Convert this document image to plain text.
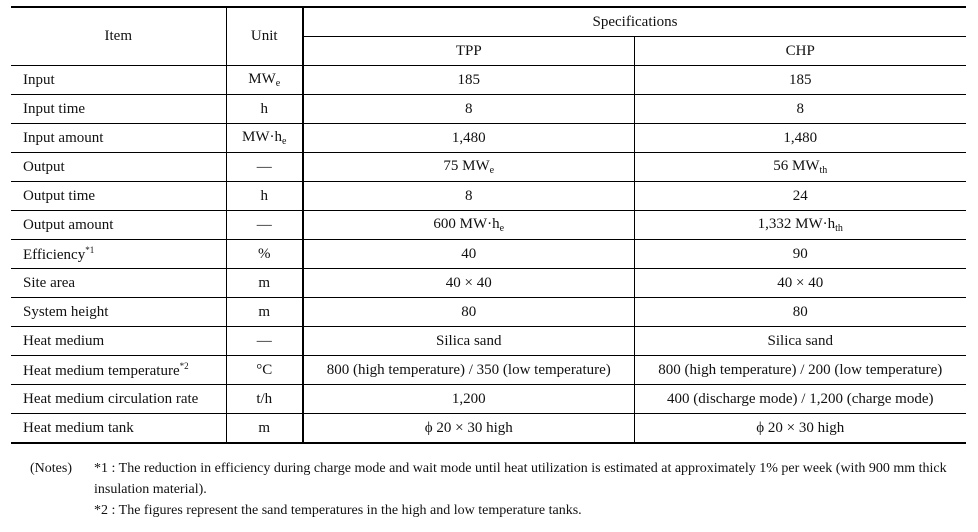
Item	Unit	Specifications	
		TPP	CHP
Input	$MW_e$	185	185
Input time	h	8	8
Input amount	$MW\cdot h_e$	1,480	1,480
Output	—	75 $MW_e$	56 $MW_{th}$
Output time	h	8	24
Output amount	—	600 $MW\cdot h_e$	1,332 $MW\cdot h_{th}$
Efficiency$^{*1}$	%	40	90
Site area	m	40 × 40	40 × 40
System height	m	80	80
Heat medium	—	Silica sand	Silica sand
Heat medium temperature$^{*2}$	°C	800 (high temperature) / 350 (low temperature)	800 (high temperature) / 200 (low temperature)
Heat medium circulation rate	t/h	1,200	400 (discharge mode) / 1,200 (charge mode)
Heat medium tank	m	ϕ 20 × 30 high	ϕ 20 × 30 high
(Notes) *1 : The reduction in efficiency during charge mode and wait mode until heat utilization is estimated at approximately 1% per week (with 900 mm thick insulation material).
*2 : The figures represent the sand temperatures in the high and low temperature tanks.
